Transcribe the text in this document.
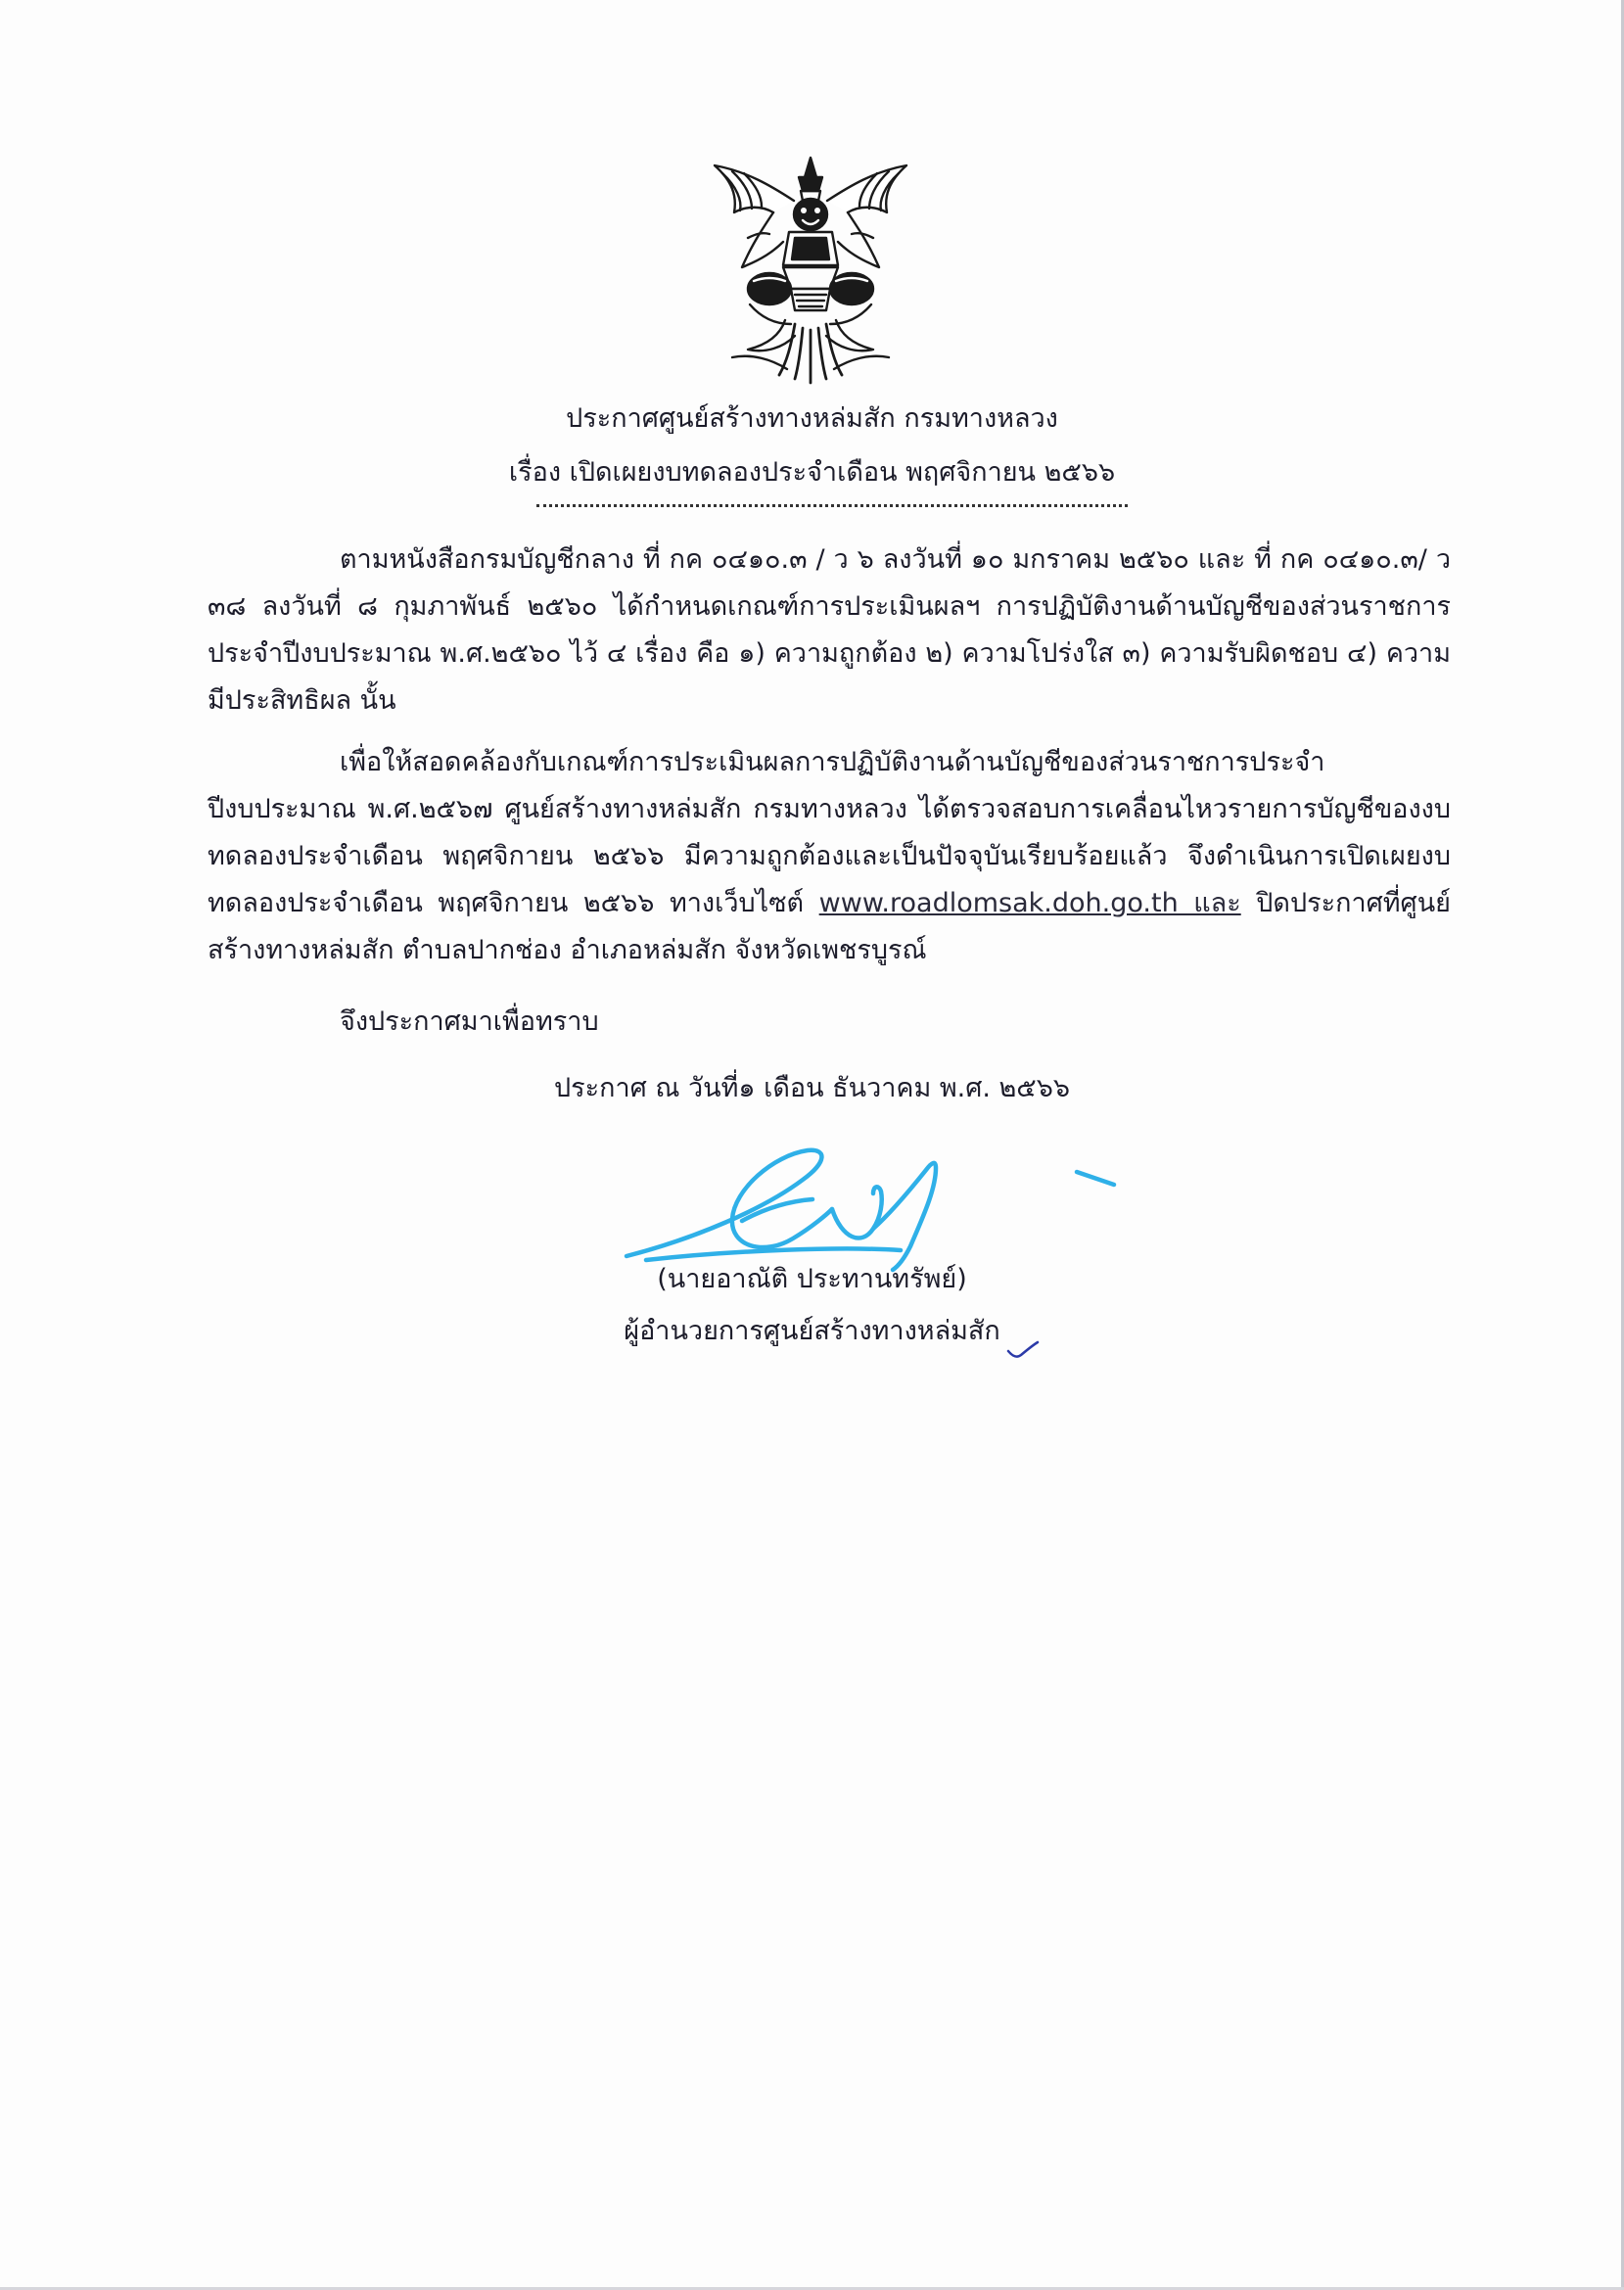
ประกาศศูนย์สร้างทางหล่มสัก กรมทางหลวง
เรื่อง เปิดเผยงบทดลองประจำเดือน พฤศจิกายน ๒๕๖๖
ตามหนังสือกรมบัญชีกลาง ที่ กค ๐๔๑๐.๓ / ว ๖ ลงวันที่ ๑๐ มกราคม ๒๕๖๐ และ ที่ กค ๐๔๑๐.๓/ ว ๓๘ ลงวันที่ ๘ กุมภาพันธ์ ๒๕๖๐ ได้กำหนดเกณฑ์การประเมินผลฯ การปฏิบัติงานด้านบัญชีของส่วนราชการประจำปีงบประมาณ พ.ศ.๒๕๖๐ ไว้ ๔ เรื่อง คือ ๑) ความถูกต้อง ๒) ความโปร่งใส ๓) ความรับผิดชอบ ๔) ความมีประสิทธิผล นั้น
เพื่อให้สอดคล้องกับเกณฑ์การประเมินผลการปฏิบัติงานด้านบัญชีของส่วนราชการประจำปีงบประมาณ พ.ศ.๒๕๖๗ ศูนย์สร้างทางหล่มสัก กรมทางหลวง ได้ตรวจสอบการเคลื่อนไหวรายการบัญชีของงบทดลองประจำเดือน พฤศจิกายน ๒๕๖๖ มีความถูกต้องและเป็นปัจจุบันเรียบร้อยแล้ว จึงดำเนินการเปิดเผยงบทดลองประจำเดือน พฤศจิกายน ๒๕๖๖ ทางเว็บไซต์ www.roadlomsak.doh.go.th และ ปิดประกาศที่ศูนย์สร้างทางหล่มสัก ตำบลปากช่อง อำเภอหล่มสัก จังหวัดเพชรบูรณ์
จึงประกาศมาเพื่อทราบ
ประกาศ ณ วันที่๑ เดือน ธันวาคม พ.ศ. ๒๕๖๖
(นายอาณัติ ประทานทรัพย์)
ผู้อำนวยการศูนย์สร้างทางหล่มสัก
